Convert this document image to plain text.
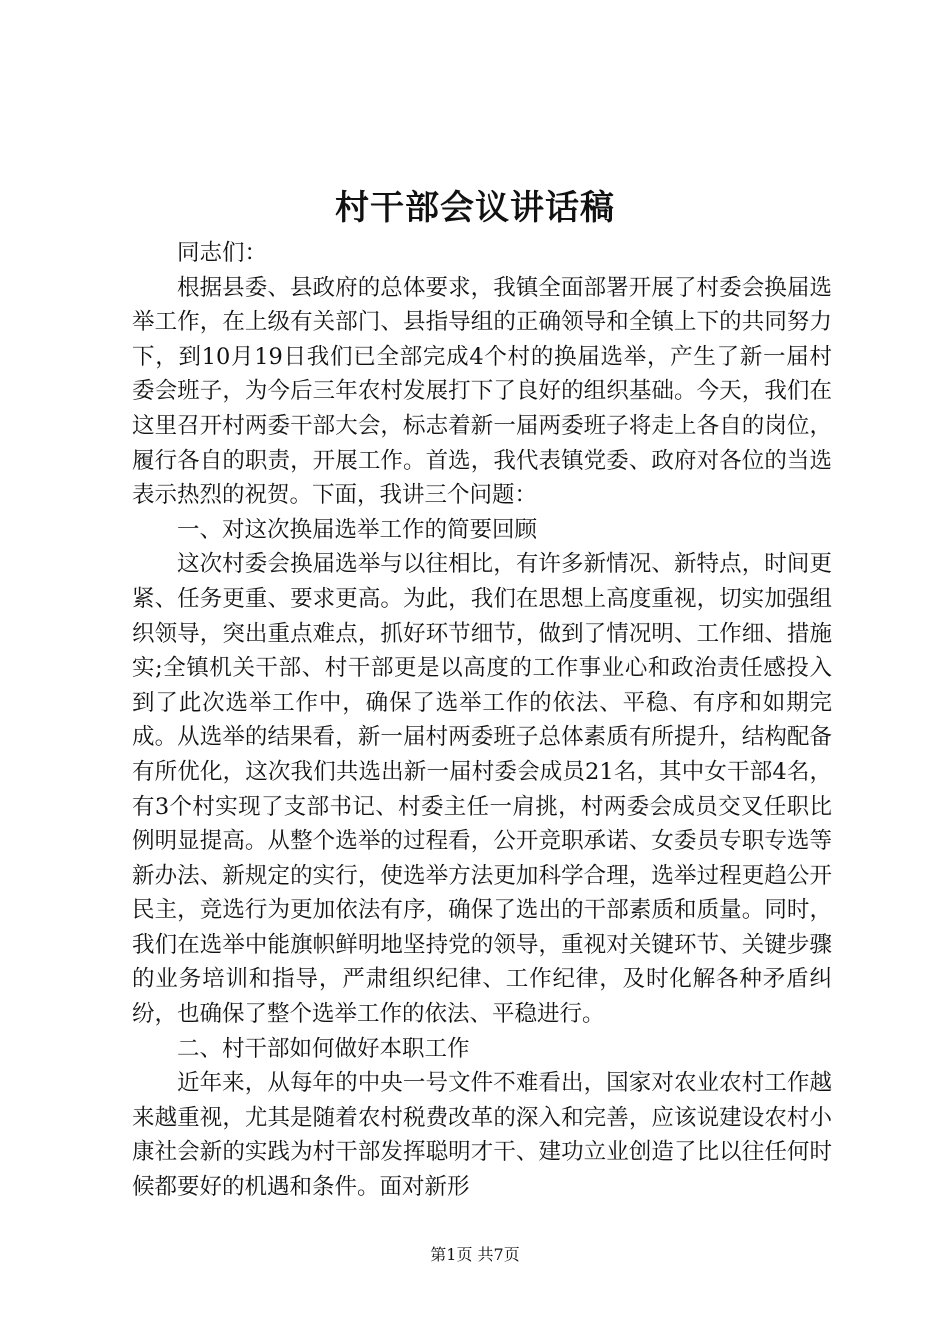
村干部会议讲话稿

同志们：

根据县委、县政府的总体要求，我镇全面部署开展了村委会换届选举工作，在上级有关部门、县指导组的正确领导和全镇上下的共同努力下，到10月19日我们已全部完成4个村的换届选举，产生了新一届村委会班子，为今后三年农村发展打下了良好的组织基础。今天，我们在这里召开村两委干部大会，标志着新一届两委班子将走上各自的岗位，履行各自的职责，开展工作。首选，我代表镇党委、政府对各位的当选表示热烈的祝贺。下面，我讲三个问题：

一、对这次换届选举工作的简要回顾

这次村委会换届选举与以往相比，有许多新情况、新特点，时间更紧、任务更重、要求更高。为此，我们在思想上高度重视，切实加强组织领导，突出重点难点，抓好环节细节，做到了情况明、工作细、措施实;全镇机关干部、村干部更是以高度的工作事业心和政治责任感投入到了此次选举工作中，确保了选举工作的依法、平稳、有序和如期完成。从选举的结果看，新一届村两委班子总体素质有所提升，结构配备有所优化，这次我们共选出新一届村委会成员21名，其中女干部4名，有3个村实现了支部书记、村委主任一肩挑，村两委会成员交叉任职比例明显提高。从整个选举的过程看，公开竞职承诺、女委员专职专选等新办法、新规定的实行，使选举方法更加科学合理，选举过程更趋公开民主，竞选行为更加依法有序，确保了选出的干部素质和质量。同时，我们在选举中能旗帜鲜明地坚持党的领导，重视对关键环节、关键步骤的业务培训和指导，严肃组织纪律、工作纪律，及时化解各种矛盾纠纷，也确保了整个选举工作的依法、平稳进行。

二、村干部如何做好本职工作

近年来，从每年的中央一号文件不难看出，国家对农业农村工作越来越重视，尤其是随着农村税费改革的深入和完善，应该说建设农村小康社会新的实践为村干部发挥聪明才干、建功立业创造了比以往任何时候都要好的机遇和条件。面对新形

第1页 共7页
